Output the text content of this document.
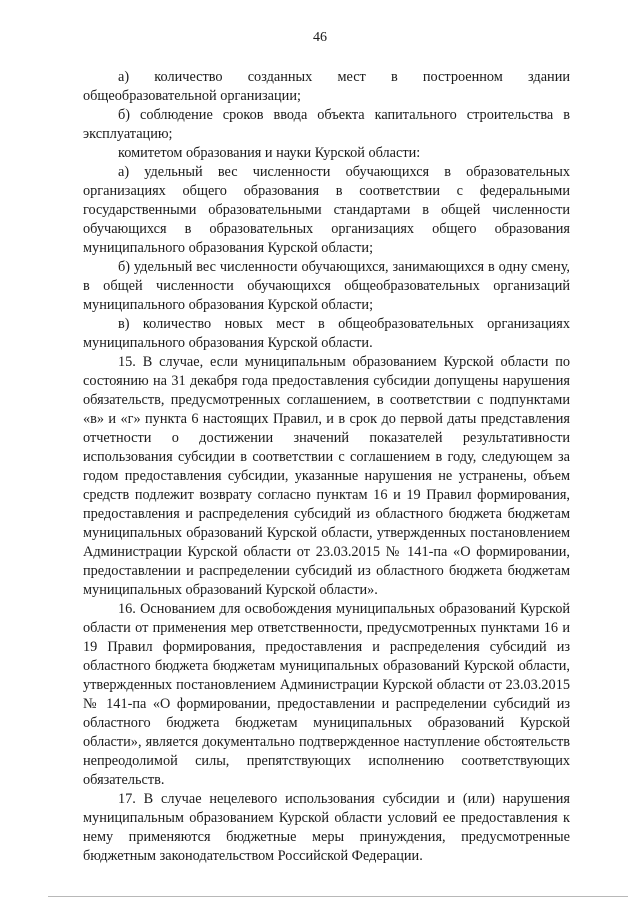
46

а) количество созданных мест в построенном здании общеобразовательной организации;

б) соблюдение сроков ввода объекта капитального строительства в эксплуатацию;

комитетом образования и науки Курской области:

а) удельный вес численности обучающихся в образовательных организациях общего образования в соответствии с федеральными государственными образовательными стандартами в общей численности обучающихся в образовательных организациях общего образования муниципального образования Курской области;

б) удельный вес численности обучающихся, занимающихся в одну смену, в общей численности обучающихся общеобразовательных организаций муниципального образования Курской области;

в) количество новых мест в общеобразовательных организациях муниципального образования Курской области.

15. В случае, если муниципальным образованием Курской области по состоянию на 31 декабря года предоставления субсидии допущены нарушения обязательств, предусмотренных соглашением, в соответствии с подпунктами «в» и «г» пункта 6 настоящих Правил, и в срок до первой даты представления отчетности о достижении значений показателей результативности использования субсидии в соответствии с соглашением в году, следующем за годом предоставления субсидии, указанные нарушения не устранены, объем средств подлежит возврату согласно пунктам 16 и 19 Правил формирования, предоставления и распределения субсидий из областного бюджета бюджетам муниципальных образований Курской области, утвержденных постановлением Администрации Курской области от 23.03.2015 № 141-па «О формировании, предоставлении и распределении субсидий из областного бюджета бюджетам муниципальных образований Курской области».

16. Основанием для освобождения муниципальных образований Курской области от применения мер ответственности, предусмотренных пунктами 16 и 19 Правил формирования, предоставления и распределения субсидий из областного бюджета бюджетам муниципальных образований Курской области, утвержденных постановлением Администрации Курской области от 23.03.2015 № 141-па «О формировании, предоставлении и распределении субсидий из областного бюджета бюджетам муниципальных образований Курской области», является документально подтвержденное наступление обстоятельств непреодолимой силы, препятствующих исполнению соответствующих обязательств.

17. В случае нецелевого использования субсидии и (или) нарушения муниципальным образованием Курской области условий ее предоставления к нему применяются бюджетные меры принуждения, предусмотренные бюджетным законодательством Российской Федерации.
